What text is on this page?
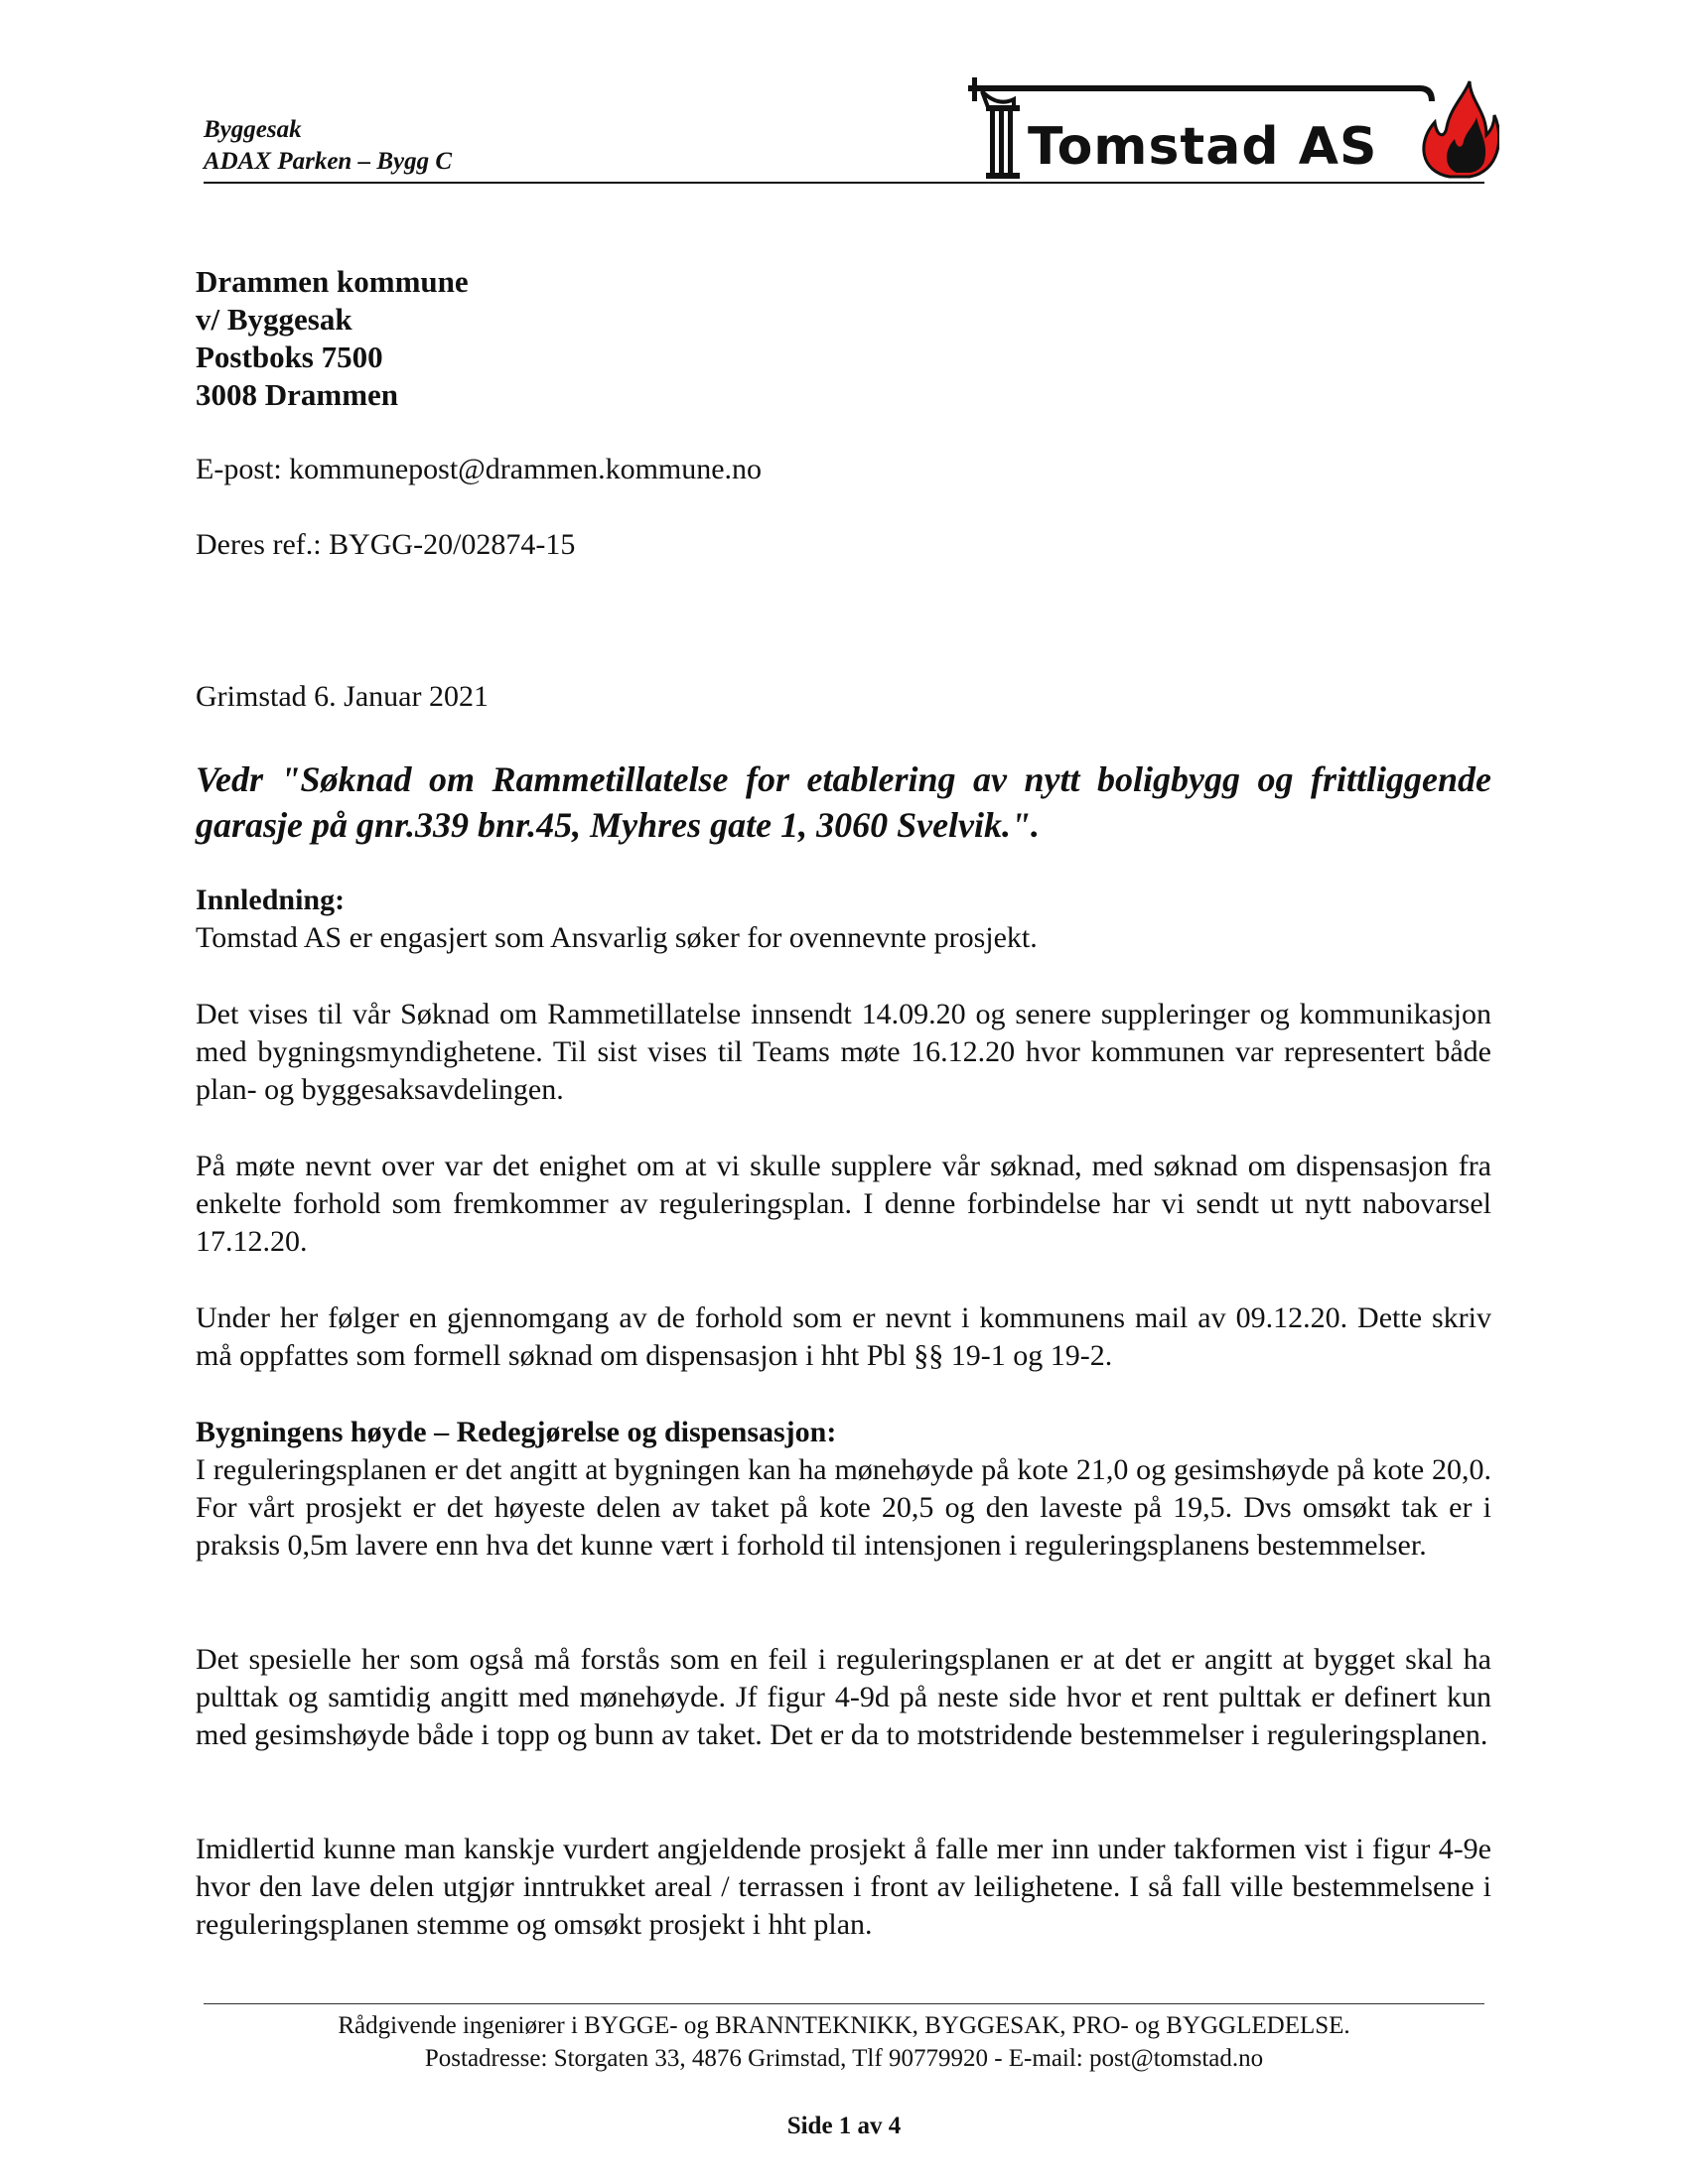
Byggesak
ADAX Parken – Bygg C	Tomstad AS
Drammen kommune
v/ Byggesak
Postboks 7500
3008 Drammen
E-post: kommunepost@drammen.kommune.no
Deres ref.: BYGG-20/02874-15
Grimstad 6. Januar 2021
Vedr "Søknad om Rammetillatelse for etablering av nytt boligbygg og frittliggende garasje på gnr.339 bnr.45, Myhres gate 1, 3060 Svelvik.".
Innledning:
Tomstad AS er engasjert som Ansvarlig søker for ovennevnte prosjekt.
Det vises til vår Søknad om Rammetillatelse innsendt 14.09.20 og senere suppleringer og kommunikasjon med bygningsmyndighetene. Til sist vises til Teams møte 16.12.20 hvor kommunen var representert både plan- og byggesaksavdelingen.
På møte nevnt over var det enighet om at vi skulle supplere vår søknad, med søknad om dispensasjon fra enkelte forhold som fremkommer av reguleringsplan. I denne forbindelse har vi sendt ut nytt nabovarsel 17.12.20.
Under her følger en gjennomgang av de forhold som er nevnt i kommunens mail av 09.12.20. Dette skriv må oppfattes som formell søknad om dispensasjon i hht Pbl §§ 19-1 og 19-2.
Bygningens høyde – Redegjørelse og dispensasjon:
I reguleringsplanen er det angitt at bygningen kan ha mønehøyde på kote 21,0 og gesimshøyde på kote 20,0. For vårt prosjekt er det høyeste delen av taket på kote 20,5 og den laveste på 19,5. Dvs omsøkt tak er i praksis 0,5m lavere enn hva det kunne vært i forhold til intensjonen i reguleringsplanens bestemmelser.
Det spesielle her som også må forstås som en feil i reguleringsplanen er at det er angitt at bygget skal ha pulttak og samtidig angitt med mønehøyde. Jf figur 4-9d på neste side hvor et rent pulttak er definert kun med gesimshøyde både i topp og bunn av taket. Det er da to motstridende bestemmelser i reguleringsplanen.
Imidlertid kunne man kanskje vurdert angjeldende prosjekt å falle mer inn under takformen vist i figur 4-9e hvor den lave delen utgjør inntrukket areal / terrassen i front av leilighetene. I så fall ville bestemmelsene i reguleringsplanen stemme og omsøkt prosjekt i hht plan.
Rådgivende ingeniører i BYGGE- og BRANNTEKNIKK, BYGGESAK, PRO- og BYGGLEDELSE.
Postadresse: Storgaten 33, 4876 Grimstad, Tlf 90779920 - E-mail: post@tomstad.no
Side 1 av 4
